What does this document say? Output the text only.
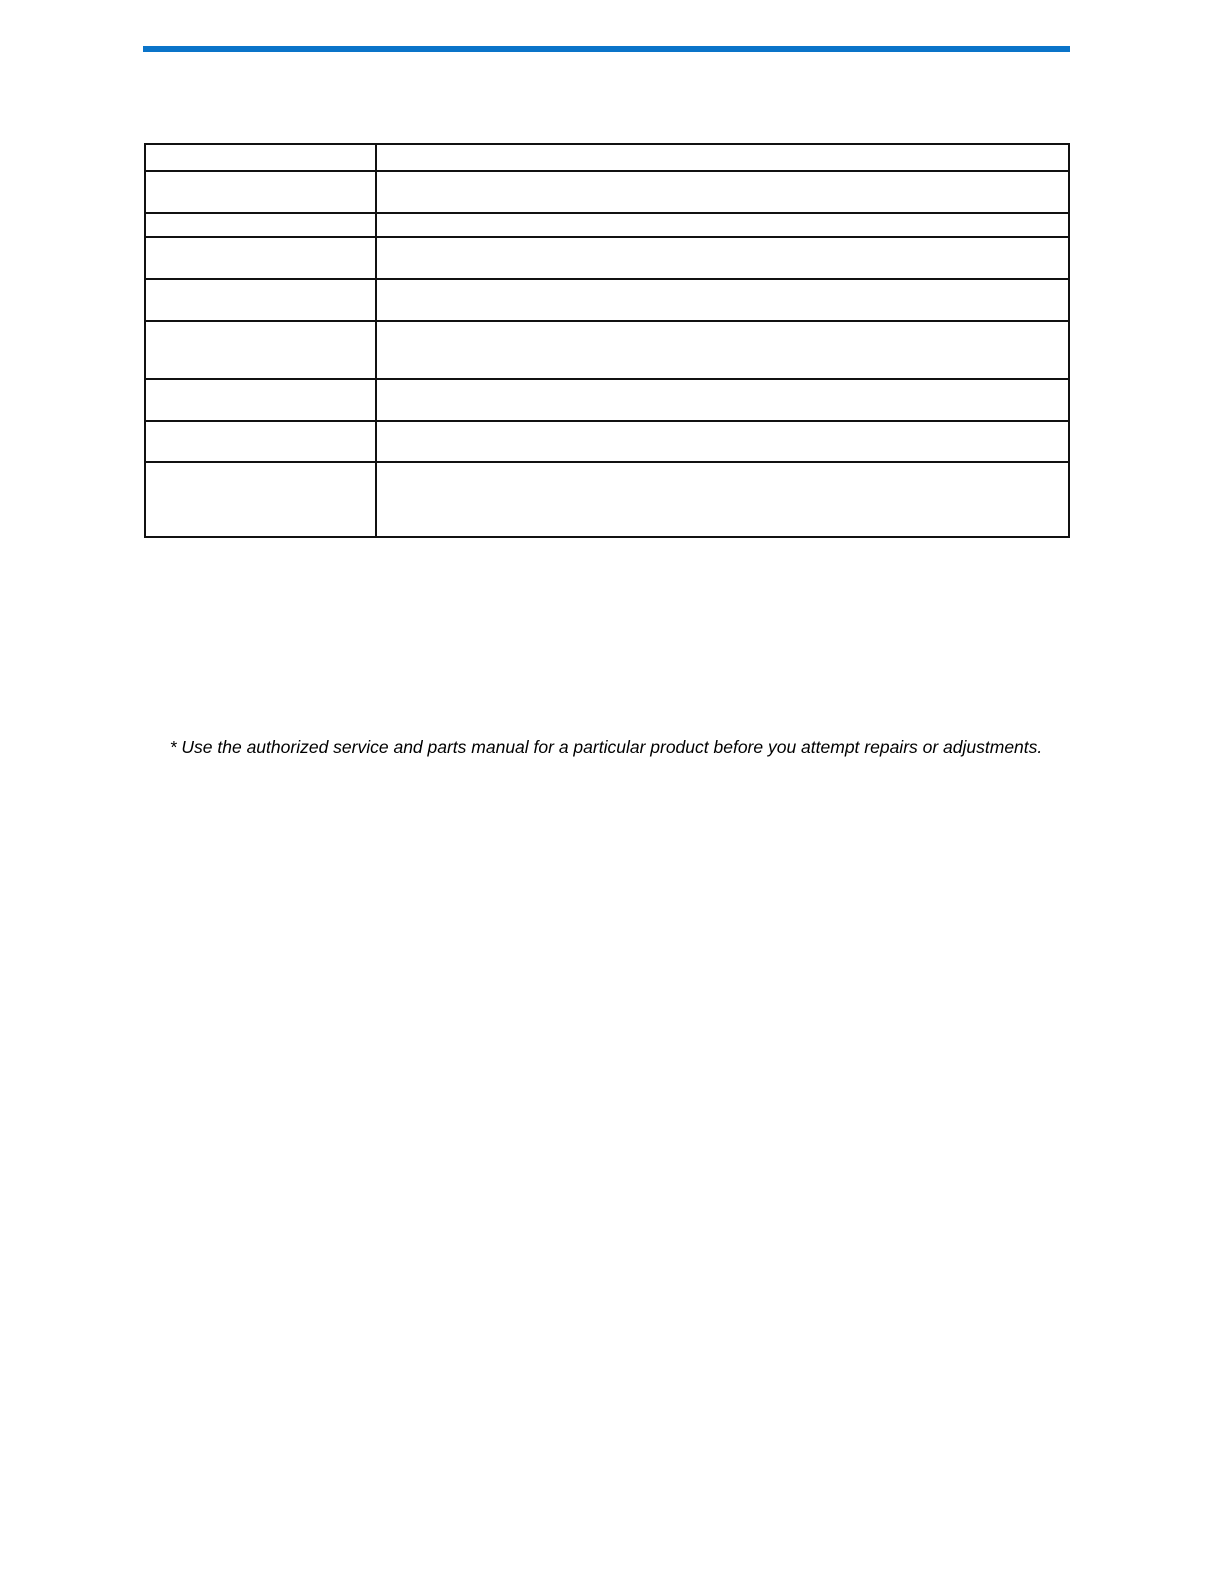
* Use the authorized service and parts manual for a particular product before you attempt repairs or adjustments.
